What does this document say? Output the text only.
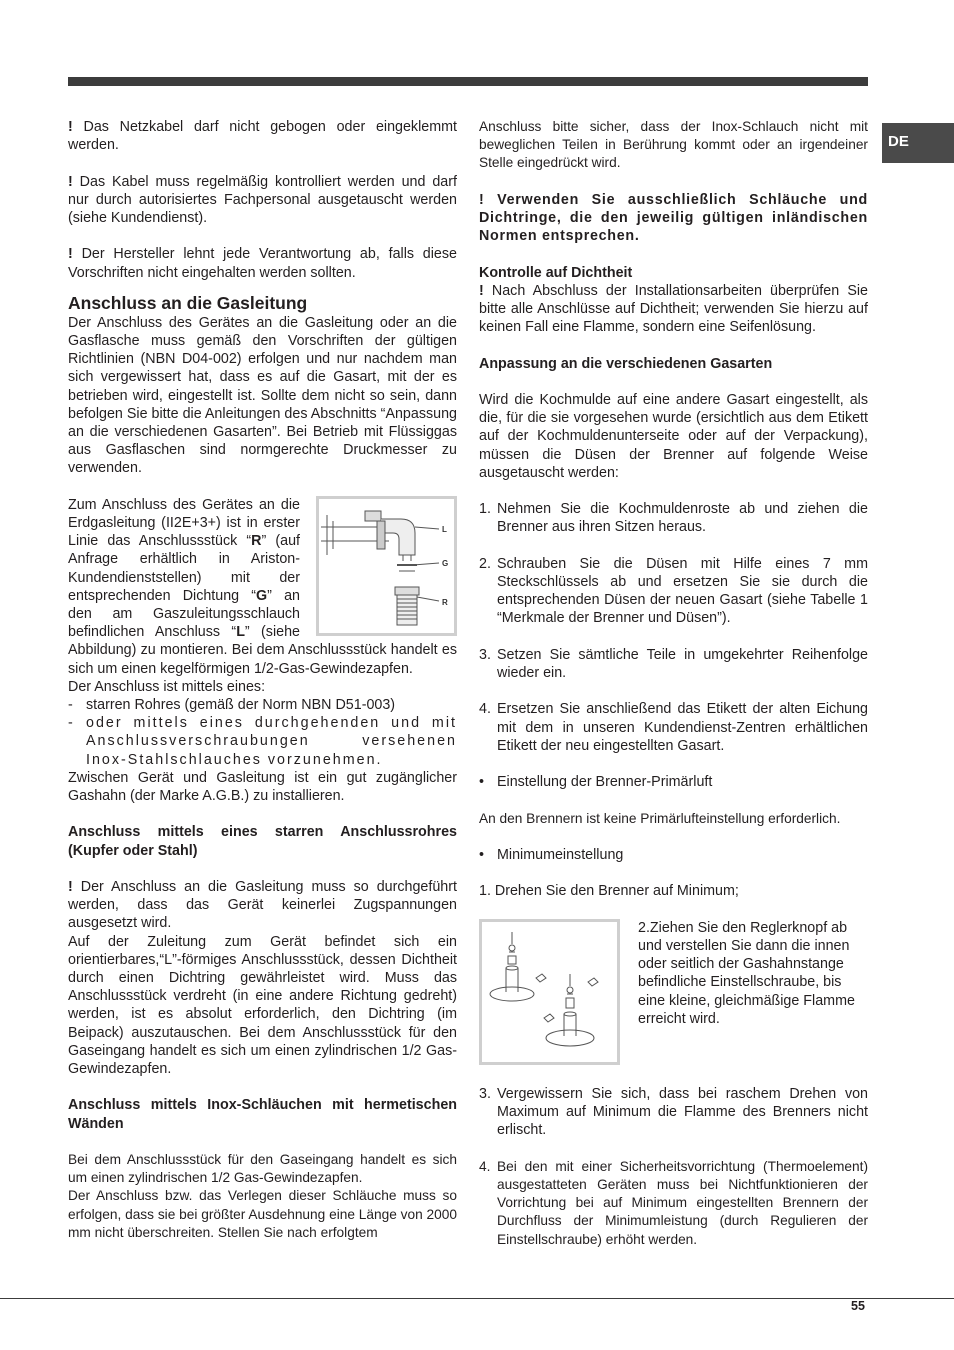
DE

! Das Netzkabel darf nicht gebogen oder eingeklemmt werden.

! Das Kabel muss regelmäßig kontrolliert werden und darf nur durch autorisiertes Fachpersonal ausgetauscht werden (siehe Kundendienst).

! Der Hersteller lehnt jede Verantwortung ab, falls diese Vorschriften nicht eingehalten werden sollten.

Anschluss an die Gasleitung

Der Anschluss des Gerätes an die Gasleitung oder an die Gasflasche muss gemäß den Vorschriften der gültigen Richtlinien (NBN D04-002) erfolgen und nur nachdem man sich vergewissert hat, dass es auf die Gasart, mit der es betrieben wird, eingestellt ist. Sollte dem nicht so sein, dann befolgen Sie bitte die Anleitungen des Abschnitts “Anpassung an die verschiedenen Gasarten”. Bei Betrieb mit Flüssiggas aus Gasflaschen sind normgerechte Druckmesser zu verwenden.

L
G
R

Zum Anschluss des Gerätes an die Erdgasleitung (II2E+3+) ist in erster Linie das Anschlussstück “R” (auf Anfrage erhältlich in Ariston-Kundendienststellen) mit der entsprechenden Dichtung “G” an den am Gaszuleitungsschlauch befindlichen Anschluss “L” (siehe Abbildung) zu montieren. Bei dem Anschlussstück handelt es sich um einen kegelförmigen 1/2-Gas-Gewindezapfen.

Der Anschluss ist mittels eines:

- starren Rohres (gemäß der Norm NBN D51-003)
- oder mittels eines durchgehenden und mit Anschlussverschraubungen versehenen Inox-Stahlschlauches vorzunehmen.

Zwischen Gerät und Gasleitung ist ein gut zugänglicher Gashahn (der Marke A.G.B.) zu installieren.

Anschluss mittels eines starren Anschlussrohres (Kupfer oder Stahl)

! Der Anschluss an die Gasleitung muss so durchgeführt werden, dass das Gerät keinerlei Zugspannungen ausgesetzt wird.

Auf der Zuleitung zum Gerät befindet sich ein orientierbares,“L”-förmiges Anschlussstück, dessen Dichtheit durch einen Dichtring gewährleistet wird. Muss das Anschlussstück verdreht (in eine andere Richtung gedreht) werden, ist es absolut erforderlich, den Dichtring (im Beipack) auszutauschen. Bei dem Anschlussstück für den Gaseingang handelt es sich um einen zylindrischen 1/2 Gas-Gewindezapfen.

Anschluss mittels Inox-Schläuchen mit hermetischen Wänden

Bei dem Anschlussstück für den Gaseingang handelt es sich um einen zylindrischen 1/2 Gas-Gewindezapfen.

Der Anschluss bzw. das Verlegen dieser Schläuche muss so erfolgen, dass sie bei größter Ausdehnung eine Länge von 2000 mm nicht überschreiten. Stellen Sie nach erfolgtem

Anschluss bitte sicher, dass der Inox-Schlauch nicht mit beweglichen Teilen in Berührung kommt oder an irgendeiner Stelle eingedrückt wird.

! Verwenden Sie ausschließlich Schläuche und Dichtringe, die den jeweilig gültigen inländischen Normen entsprechen.

Kontrolle auf Dichtheit

! Nach Abschluss der Installationsarbeiten überprüfen Sie bitte alle Anschlüsse auf Dichtheit; verwenden Sie hierzu auf keinen Fall eine Flamme, sondern eine Seifenlösung.

Anpassung an die verschiedenen Gasarten

Wird die Kochmulde auf eine andere Gasart eingestellt, als die, für die sie vorgesehen wurde (ersichtlich aus dem Etikett auf der Kochmuldenunterseite oder auf der Verpackung), müssen die Düsen der Brenner auf folgende Weise ausgetauscht werden:

1. Nehmen Sie die Kochmuldenroste ab und ziehen die Brenner aus ihren Sitzen heraus.
2. Schrauben Sie die Düsen mit Hilfe eines 7 mm Steckschlüssels ab und ersetzen Sie sie durch die entsprechenden Düsen der neuen Gasart (siehe Tabelle 1 “Merkmale der Brenner und Düsen”).
3. Setzen Sie sämtliche Teile in umgekehrter Reihenfolge wieder ein.
4. Ersetzen Sie anschließend das Etikett der alten Eichung mit dem in unseren Kundendienst-Zentren erhältlichen Etikett der neu eingestellten Gasart.
• Einstellung der Brenner-Primärluft

An den Brennern ist keine Primärlufteinstellung erforderlich.

• Minimumeinstellung

1. Drehen Sie den Brenner auf Minimum;

2.Ziehen Sie den Reglerknopf ab und verstellen Sie dann die innen oder seitlich der Gashahnstange befindliche Einstellschraube, bis eine kleine, gleichmäßige Flamme erreicht wird.

3. Vergewissern Sie sich, dass bei raschem Drehen von Maximum auf Minimum die Flamme des Brenners nicht erlischt.
4. Bei den mit einer Sicherheitsvorrichtung (Thermoelement) ausgestatteten Geräten muss bei Nichtfunktionieren der Vorrichtung bei auf Minimum eingestellten Brennern der Durchfluss der Minimumleistung (durch Regulieren der Einstellschraube) erhöht werden.
55
